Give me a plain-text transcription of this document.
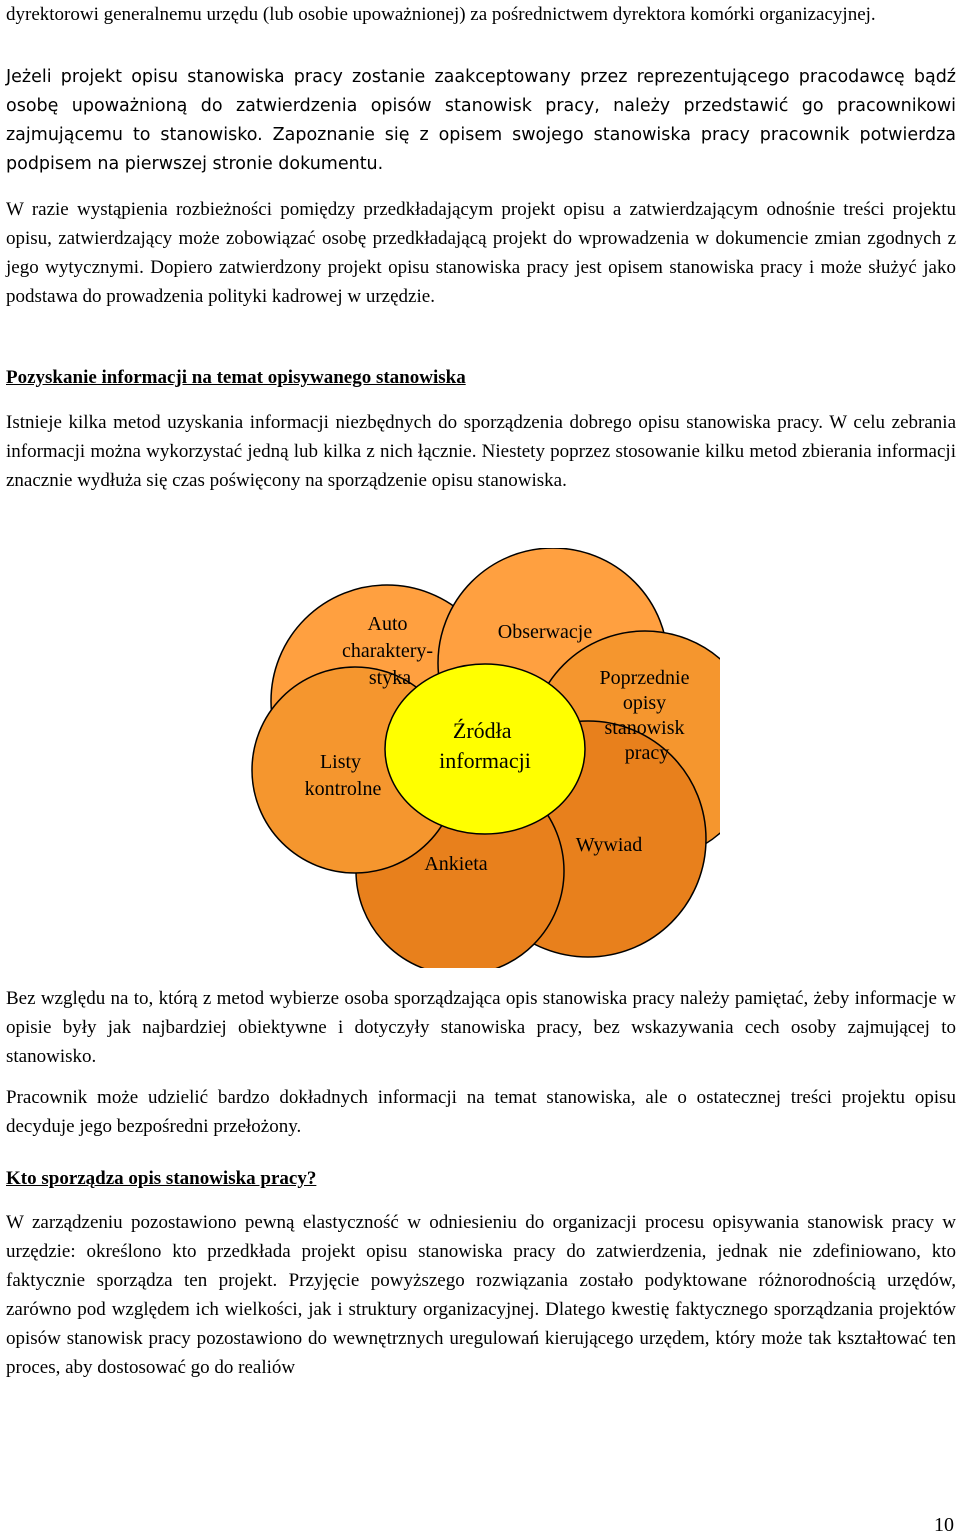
dyrektorowi generalnemu urzędu (lub osobie upoważnionej) za pośrednictwem dyrektora komórki organizacyjnej.

Jeżeli projekt opisu stanowiska pracy zostanie zaakceptowany przez reprezentującego pracodawcę bądź osobę upoważnioną do zatwierdzenia opisów stanowisk pracy, należy przedstawić go pracownikowi zajmującemu to stanowisko. Zapoznanie się z opisem swojego stanowiska pracy pracownik potwierdza podpisem na pierwszej stronie dokumentu.

W razie wystąpienia rozbieżności pomiędzy przedkładającym projekt opisu a zatwierdzającym odnośnie treści projektu opisu, zatwierdzający może zobowiązać osobę przedkładającą projekt do wprowadzenia w dokumencie zmian zgodnych z jego wytycznymi. Dopiero zatwierdzony projekt opisu stanowiska pracy jest opisem stanowiska pracy i może służyć jako podstawa do prowadzenia polityki kadrowej w urzędzie.

Pozyskanie informacji na temat opisywanego stanowiska

Istnieje kilka metod uzyskania informacji niezbędnych do sporządzenia dobrego opisu stanowiska pracy. W celu zebrania informacji można wykorzystać jedną lub kilka z nich łącznie. Niestety poprzez stosowanie kilku metod zbierania informacji znacznie wydłuża się czas poświęcony na sporządzenie opisu stanowiska.

Auto charaktery- styka
Obserwacje
Poprzednie opisy stanowisk pracy
Listy kontrolne
Ankieta
Wywiad
Źródła informacji

Bez względu na to, którą z metod wybierze osoba sporządzająca opis stanowiska pracy należy pamiętać, żeby informacje w opisie były jak najbardziej obiektywne i dotyczyły stanowiska pracy, bez wskazywania cech osoby zajmującej to stanowisko.

Pracownik może udzielić bardzo dokładnych informacji na temat stanowiska, ale o ostatecznej treści projektu opisu decyduje jego bezpośredni przełożony.

Kto sporządza opis stanowiska pracy?

W zarządzeniu pozostawiono pewną elastyczność w odniesieniu do organizacji procesu opisywania stanowisk pracy w urzędzie: określono kto przedkłada projekt opisu stanowiska pracy do zatwierdzenia, jednak nie zdefiniowano, kto faktycznie sporządza ten projekt. Przyjęcie powyższego rozwiązania zostało podyktowane różnorodnością urzędów, zarówno pod względem ich wielkości, jak i struktury organizacyjnej. Dlatego kwestię faktycznego sporządzania projektów opisów stanowisk pracy pozostawiono do wewnętrznych uregulowań kierującego urzędem, który może tak kształtować ten proces, aby dostosować go do realiów

10
